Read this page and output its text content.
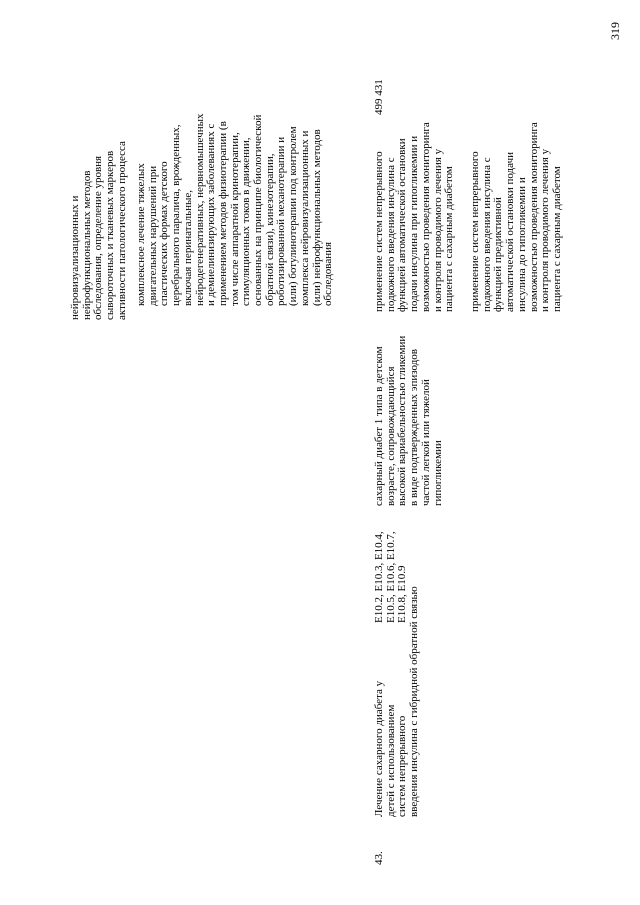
319
нейровизуализационных и
нейрофункциональных методов
обследования, определение уровня
сывороточных и тканевых маркеров
активности патологического процесса
комплексное лечение тяжелых
двигательных нарушений при
спастических формах детского
церебрального паралича, врожденных,
включая перинатальные,
нейродегенеративных, нервномышечных
и демиелинизирующих заболеваниях с
применением методов физиотерапии (в
том числе аппаратной кринотерапии,
стимуляционных токов в движении,
основанных на принципе биологической
обратной связи), кинезотерапии,
роботизированной механотерапии и
(или) ботулинотерапии под контролем
комплекса нейровизуализационных и
(или) нейрофункциональных методов
обследования
43.
Лечение сахарного диабета у
детей с использованием
систем непрерывного
введения инсулина с гибридной обратной связью
E10.2, E10.3, E10.4,
E10.5, E10.6, E10.7,
E10.8, E10.9
сахарный диабет 1 типа в детском
возрасте, сопровождающийся
высокой вариабельностью гликемии
в виде подтвержденных эпизодов
частой легкой или тяжелой
гипогликемии
применение систем непрерывного
подкожного введения инсулина с
функцией автоматической остановки
подачи инсулина при гипогликемии и
возможностью проведения мониторинга
и контроля проводимого лечения у
пациента с сахарным диабетом
применение систем непрерывного
подкожного введения инсулина с
функцией предиктивной
автоматической остановки подачи
инсулина до гипогликемии и
возможностью проведения мониторинга
и контроля проводимого лечения у
пациента с сахарным диабетом
499 431
